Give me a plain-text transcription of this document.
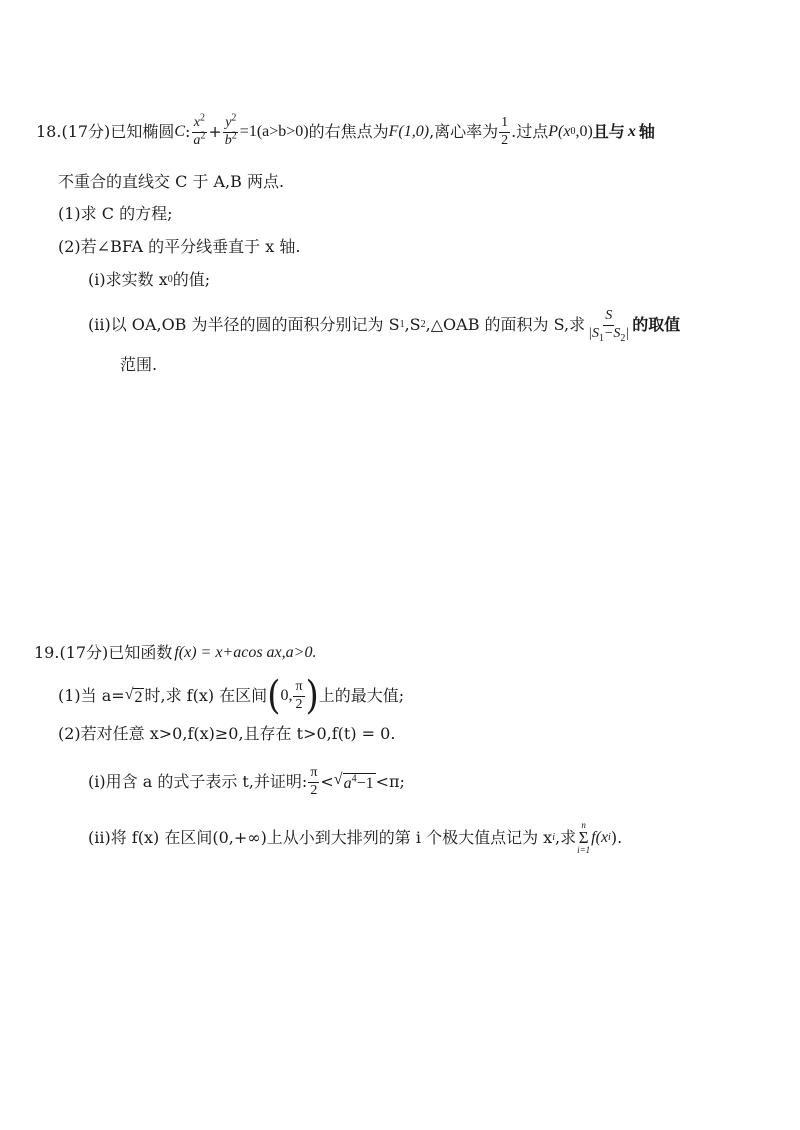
18. (17分) 已知椭圆 C : $\frac{x^2}{a^2} + \frac{y^2}{b^2} =1(a>b>0)$ 的右焦点为 F(1,0) ,离心率为 $\frac{1}{2}$ .过点 P(x 0 ,0) 且与 x 轴
不重合的直线交 C 于 A,B 两点.
(1)求 C 的方程;
(2)若∠BFA 的平分线垂直于 x 轴.
(i)求实数 x 0 的值;
(ii)以 OA,OB 为半径的圆的面积分别记为 S 1 ,S 2 ,△OAB 的面积为 S,求 $\frac{S}{|S_1-S_2|}$ 的取值
范围.
19. (17分) 已知函数 f(x) = x+acos ax,a>0.
(1)当 a= √ 2 时,求 f(x) 在区间 ( 0, $\frac{\pi}{2}$ ) 上的最大值;
(2)若对任意 x>0,f(x)≥0,且存在 t>0,f(t) = 0.
(i)用含 a 的式子表示 t,并证明: $\frac{\pi}{2}$ < √ $a^4-1 <\pi$;
(ii)将 f(x) 在区间(0,+∞)上从小到大排列的第 i 个极大值点记为 x i ,求
n
Σ
i=1
f(x i ).
